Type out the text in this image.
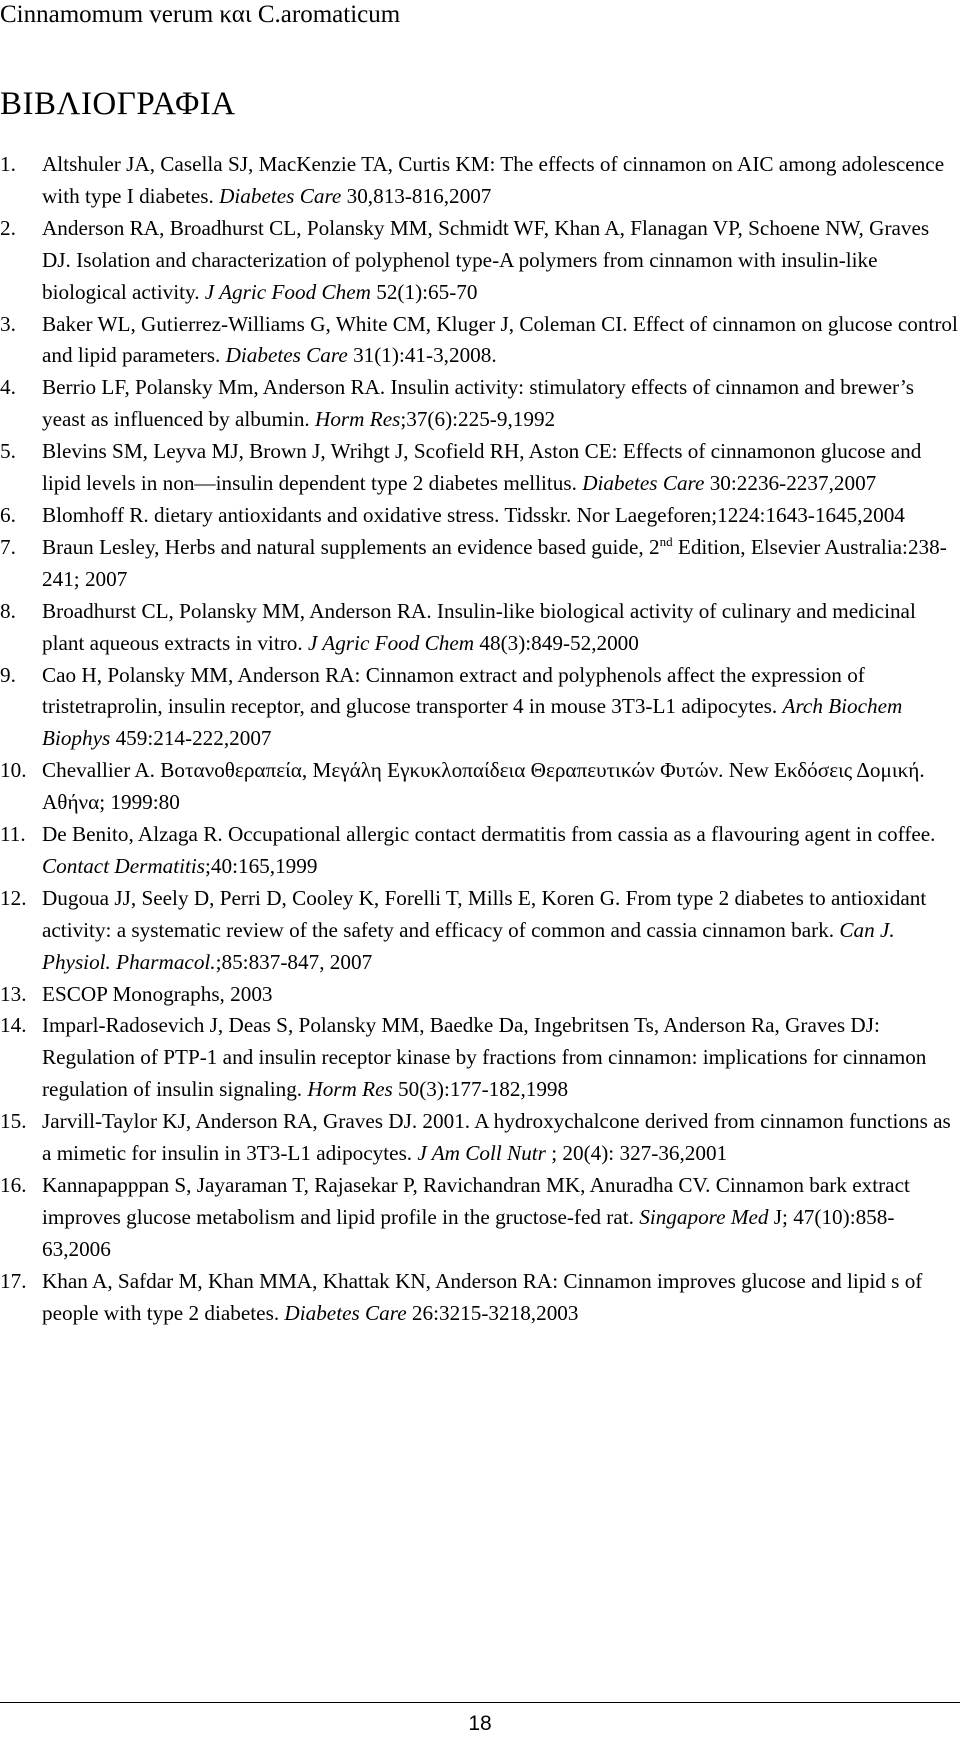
Cinnamomum verum και C.aromaticum
ΒΙΒΛΙΟΓΡΑΦΙΑ
1. Altshuler JA, Casella SJ, MacKenzie TA, Curtis KM: The effects of cinnamon on AIC among adolescence with type I diabetes. Diabetes Care 30,813-816,2007
2. Anderson RA, Broadhurst CL, Polansky MM, Schmidt WF, Khan A, Flanagan VP, Schoene NW, Graves DJ. Isolation and characterization of polyphenol type-A polymers from cinnamon with insulin-like biological activity. J Agric Food Chem 52(1):65-70
3. Baker WL, Gutierrez-Williams G, White CM, Kluger J, Coleman CI. Effect of cinnamon on glucose control and lipid parameters. Diabetes Care 31(1):41-3,2008.
4. Berrio LF, Polansky Mm, Anderson RA. Insulin activity: stimulatory effects of cinnamon and brewer’s yeast as influenced by albumin. Horm Res;37(6):225-9,1992
5. Blevins SM, Leyva MJ, Brown J, Wrihgt J, Scofield RH, Aston CE: Effects of cinnamonon glucose and lipid levels in non—insulin dependent type 2 diabetes mellitus. Diabetes Care 30:2236-2237,2007
6. Blomhoff R. dietary antioxidants and oxidative stress. Tidsskr. Nor Laegeforen;1224:1643-1645,2004
7. Braun Lesley, Herbs and natural supplements an evidence based guide, 2nd Edition, Elsevier Australia:238-241; 2007
8. Broadhurst CL, Polansky MM, Anderson RA. Insulin-like biological activity of culinary and medicinal plant aqueous extracts in vitro. J Agric Food Chem 48(3):849-52,2000
9. Cao H, Polansky MM, Anderson RA: Cinnamon extract and polyphenols affect the expression of tristetraprolin, insulin receptor, and glucose transporter 4 in mouse 3T3-L1 adipocytes. Arch Biochem Biophys 459:214-222,2007
10. Chevallier A. Βοτανοθεραπεία, Μεγάλη Εγκυκλοπαίδεια Θεραπευτικών Φυτών. New Εκδόσεις Δομική. Αθήνα; 1999:80
11. De Benito, Alzaga R. Occupational allergic contact dermatitis from cassia as a flavouring agent in coffee. Contact Dermatitis;40:165,1999
12. Dugoua JJ, Seely D, Perri D, Cooley K, Forelli T, Mills E, Koren G. From type 2 diabetes to antioxidant activity: a systematic review of the safety and efficacy of common and cassia cinnamon bark. Can J. Physiol. Pharmacol.;85:837-847, 2007
13. ESCOP Monographs, 2003
14. Imparl-Radosevich J, Deas S, Polansky MM, Baedke Da, Ingebritsen Ts, Anderson Ra, Graves DJ: Regulation of PTP-1 and insulin receptor kinase by fractions from cinnamon: implications for cinnamon regulation of insulin signaling. Horm Res 50(3):177-182,1998
15. Jarvill-Taylor KJ, Anderson RA, Graves DJ. 2001. A hydroxychalcone derived from cinnamon functions as a mimetic for insulin in 3T3-L1 adipocytes. J Am Coll Nutr ; 20(4): 327-36,2001
16. Kannapapppan S, Jayaraman T, Rajasekar P, Ravichandran MK, Anuradha CV. Cinnamon bark extract improves glucose metabolism and lipid profile in the gructose-fed rat. Singapore Med J; 47(10):858-63,2006
17. Khan A, Safdar M, Khan MMA, Khattak KN, Anderson RA: Cinnamon improves glucose and lipid s of people with type 2 diabetes. Diabetes Care 26:3215-3218,2003
18
